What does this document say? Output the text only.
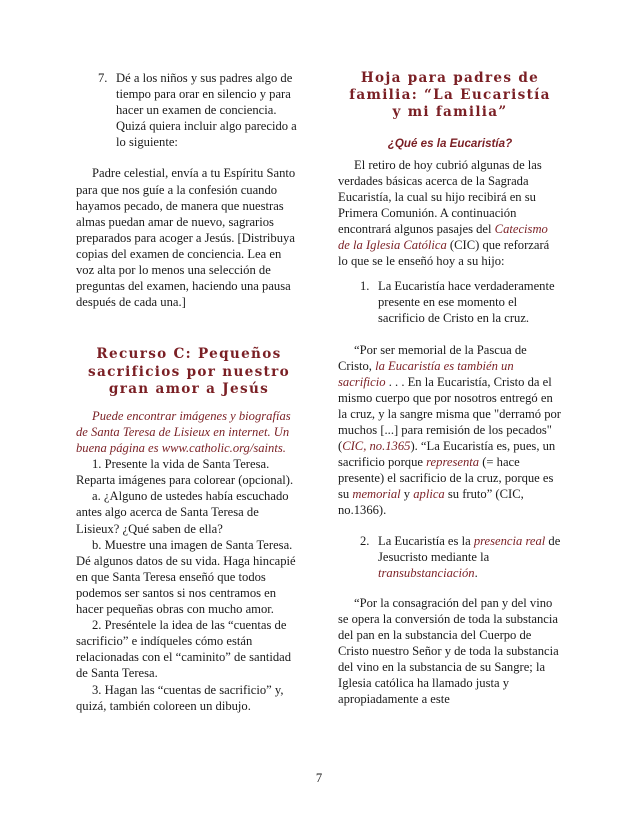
7. Dé a los niños y sus padres algo de tiempo para orar en silencio y para hacer un examen de conciencia. Quizá quiera incluir algo parecido a lo siguiente:

Padre celestial, envía a tu Espíritu Santo para que nos guíe a la confesión cuando hayamos pecado, de manera que nuestras almas puedan amar de nuevo, sagrarios preparados para acoger a Jesús. [Distribuya copias del examen de conciencia. Lea en voz alta por lo menos una selección de preguntas del examen, haciendo una pausa después de cada una.]

Recurso C: Pequeños sacrificios por nuestro gran amor a Jesús

Puede encontrar imágenes y biografías de Santa Teresa de Lisieux en internet. Un buena página es www.catholic.org/saints.

1. Presente la vida de Santa Teresa. Reparta imágenes para colorear (opcional).

a. ¿Alguno de ustedes había escuchado antes algo acerca de Santa Teresa de Lisieux? ¿Qué saben de ella?

b. Muestre una imagen de Santa Teresa. Dé algunos datos de su vida. Haga hincapié en que Santa Teresa enseñó que todos podemos ser santos si nos centramos en hacer pequeñas obras con mucho amor.

2. Preséntele la idea de las “cuentas de sacrificio” e indíqueles cómo están relacionadas con el “caminito” de santidad de Santa Teresa.

3. Hagan las “cuentas de sacrificio” y, quizá, también coloreen un dibujo.

Hoja para padres de familia: “La Eucaristía y mi familia”
¿Qué es la Eucaristía?

El retiro de hoy cubrió algunas de las verdades básicas acerca de la Sagrada Eucaristía, la cual su hijo recibirá en su Primera Comunión. A continuación encontrará algunos pasajes del Catecismo de la Iglesia Católica (CIC) que reforzará lo que se le enseñó hoy a su hijo:

1. La Eucaristía hace verdaderamente presente en ese momento el sacrificio de Cristo en la cruz.

“Por ser memorial de la Pascua de Cristo, la Eucaristía es también un sacrificio . . . En la Eucaristía, Cristo da el mismo cuerpo que por nosotros entregó en la cruz, y la sangre misma que "derramó por muchos [...] para remisión de los pecados" (CIC, no.1365). “La Eucaristía es, pues, un sacrificio porque representa (= hace presente) el sacrificio de la cruz, porque es su memorial y aplica su fruto” (CIC, no.1366).

2. La Eucaristía es la presencia real de Jesucristo mediante la transubstanciación.

“Por la consagración del pan y del vino se opera la conversión de toda la substancia del pan en la substancia del Cuerpo de Cristo nuestro Señor y de toda la substancia del vino en la substancia de su Sangre; la Iglesia católica ha llamado justa y apropiadamente a este

7
